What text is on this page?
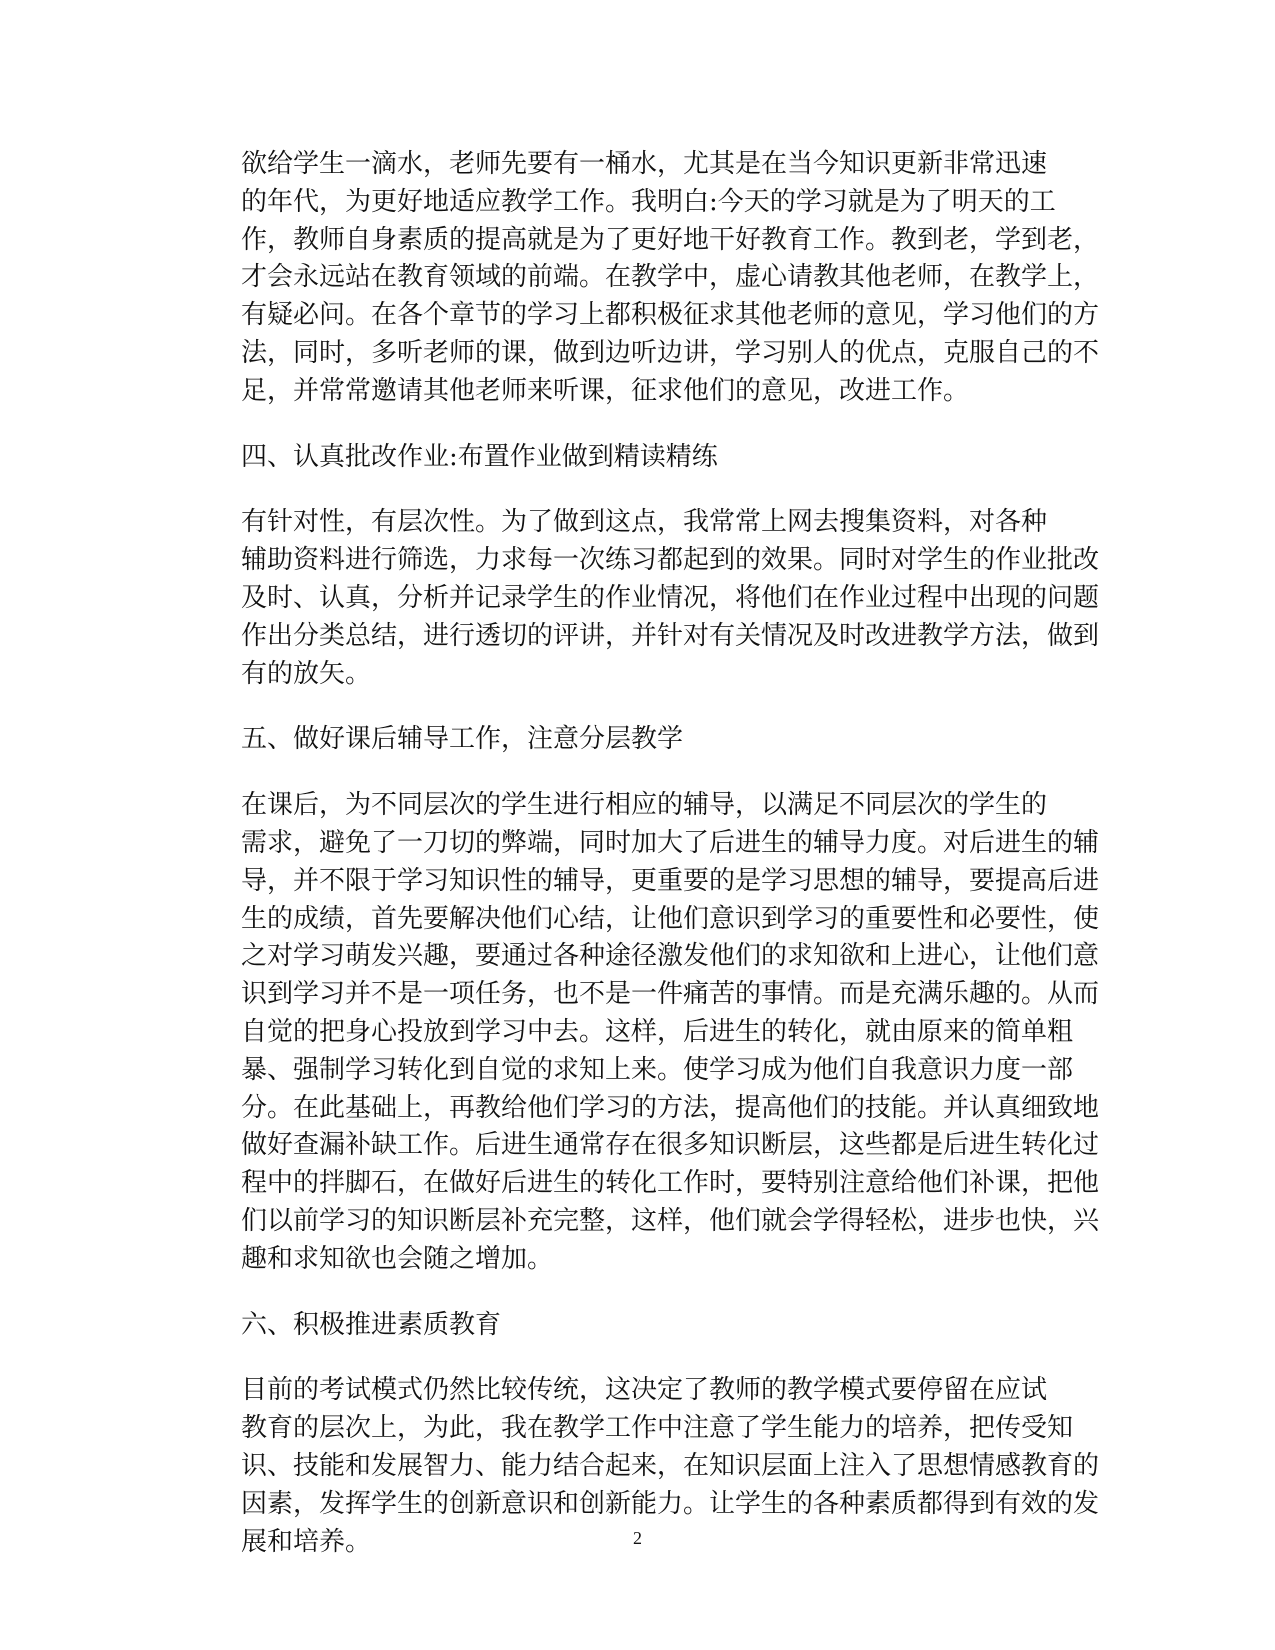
欲给学生一滴水，老师先要有一桶水，尤其是在当今知识更新非常迅速
的年代，为更好地适应教学工作。我明白:今天的学习就是为了明天的工
作，教师自身素质的提高就是为了更好地干好教育工作。教到老，学到老，
才会永远站在教育领域的前端。在教学中，虚心请教其他老师，在教学上，
有疑必问。在各个章节的学习上都积极征求其他老师的意见，学习他们的方
法，同时，多听老师的课，做到边听边讲，学习别人的优点，克服自己的不
足，并常常邀请其他老师来听课，征求他们的意见，改进工作。

四、认真批改作业:布置作业做到精读精练

有针对性，有层次性。为了做到这点，我常常上网去搜集资料，对各种
辅助资料进行筛选，力求每一次练习都起到的效果。同时对学生的作业批改
及时、认真，分析并记录学生的作业情况，将他们在作业过程中出现的问题
作出分类总结，进行透切的评讲，并针对有关情况及时改进教学方法，做到
有的放矢。

五、做好课后辅导工作，注意分层教学

在课后，为不同层次的学生进行相应的辅导，以满足不同层次的学生的
需求，避免了一刀切的弊端，同时加大了后进生的辅导力度。对后进生的辅
导，并不限于学习知识性的辅导，更重要的是学习思想的辅导，要提高后进
生的成绩，首先要解决他们心结，让他们意识到学习的重要性和必要性，使
之对学习萌发兴趣，要通过各种途径激发他们的求知欲和上进心，让他们意
识到学习并不是一项任务，也不是一件痛苦的事情。而是充满乐趣的。从而
自觉的把身心投放到学习中去。这样，后进生的转化，就由原来的简单粗
暴、强制学习转化到自觉的求知上来。使学习成为他们自我意识力度一部
分。在此基础上，再教给他们学习的方法，提高他们的技能。并认真细致地
做好查漏补缺工作。后进生通常存在很多知识断层，这些都是后进生转化过
程中的拌脚石，在做好后进生的转化工作时，要特别注意给他们补课，把他
们以前学习的知识断层补充完整，这样，他们就会学得轻松，进步也快，兴
趣和求知欲也会随之增加。

六、积极推进素质教育

目前的考试模式仍然比较传统，这决定了教师的教学模式要停留在应试
教育的层次上，为此，我在教学工作中注意了学生能力的培养，把传受知
识、技能和发展智力、能力结合起来，在知识层面上注入了思想情感教育的
因素，发挥学生的创新意识和创新能力。让学生的各种素质都得到有效的发
展和培养。	2
